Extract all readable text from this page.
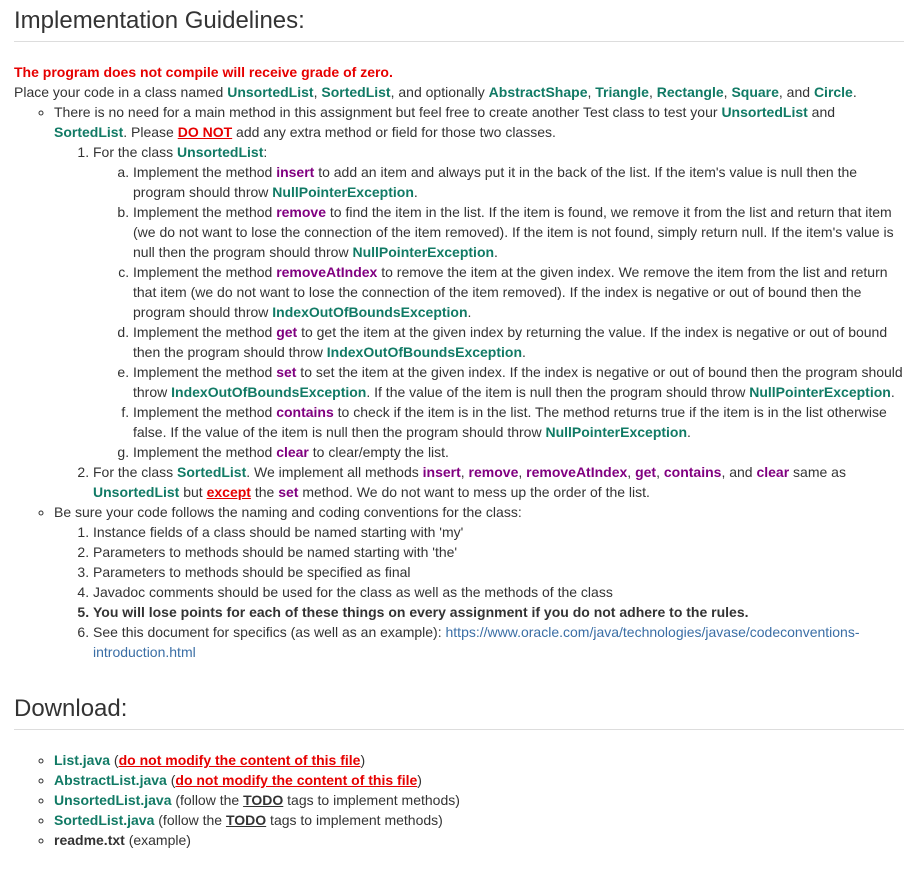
Implementation Guidelines:
The program does not compile will receive grade of zero.
Place your code in a class named UnsortedList, SortedList, and optionally AbstractShape, Triangle, Rectangle, Square, and Circle.
◦ There is no need for a main method in this assignment but feel free to create another Test class to test your UnsortedList and SortedList. Please DO NOT add any extra method or field for those two classes.
1. For the class UnsortedList:
a. Implement the method insert to add an item and always put it in the back of the list. If the item's value is null then the program should throw NullPointerException.
b. Implement the method remove to find the item in the list. If the item is found, we remove it from the list and return that item (we do not want to lose the connection of the item removed). If the item is not found, simply return null. If the item's value is null then the program should throw NullPointerException.
c. Implement the method removeAtIndex to remove the item at the given index. We remove the item from the list and return that item (we do not want to lose the connection of the item removed). If the index is negative or out of bound then the program should throw IndexOutOfBoundsException.
d. Implement the method get to get the item at the given index by returning the value. If the index is negative or out of bound then the program should throw IndexOutOfBoundsException.
e. Implement the method set to set the item at the given index. If the index is negative or out of bound then the program should throw IndexOutOfBoundsException. If the value of the item is null then the program should throw NullPointerException.
f. Implement the method contains to check if the item is in the list. The method returns true if the item is in the list otherwise false. If the value of the item is null then the program should throw NullPointerException.
g. Implement the method clear to clear/empty the list.
2. For the class SortedList. We implement all methods insert, remove, removeAtIndex, get, contains, and clear same as UnsortedList but except the set method. We do not want to mess up the order of the list.
◦ Be sure your code follows the naming and coding conventions for the class:
1. Instance fields of a class should be named starting with 'my'
2. Parameters to methods should be named starting with 'the'
3. Parameters to methods should be specified as final
4. Javadoc comments should be used for the class as well as the methods of the class
5. You will lose points for each of these things on every assignment if you do not adhere to the rules.
6. See this document for specifics (as well as an example): https://www.oracle.com/java/technologies/javase/codeconventions-introduction.html
Download:
◦ List.java (do not modify the content of this file)
◦ AbstractList.java (do not modify the content of this file)
◦ UnsortedList.java (follow the TODO tags to implement methods)
◦ SortedList.java (follow the TODO tags to implement methods)
◦ readme.txt (example)
